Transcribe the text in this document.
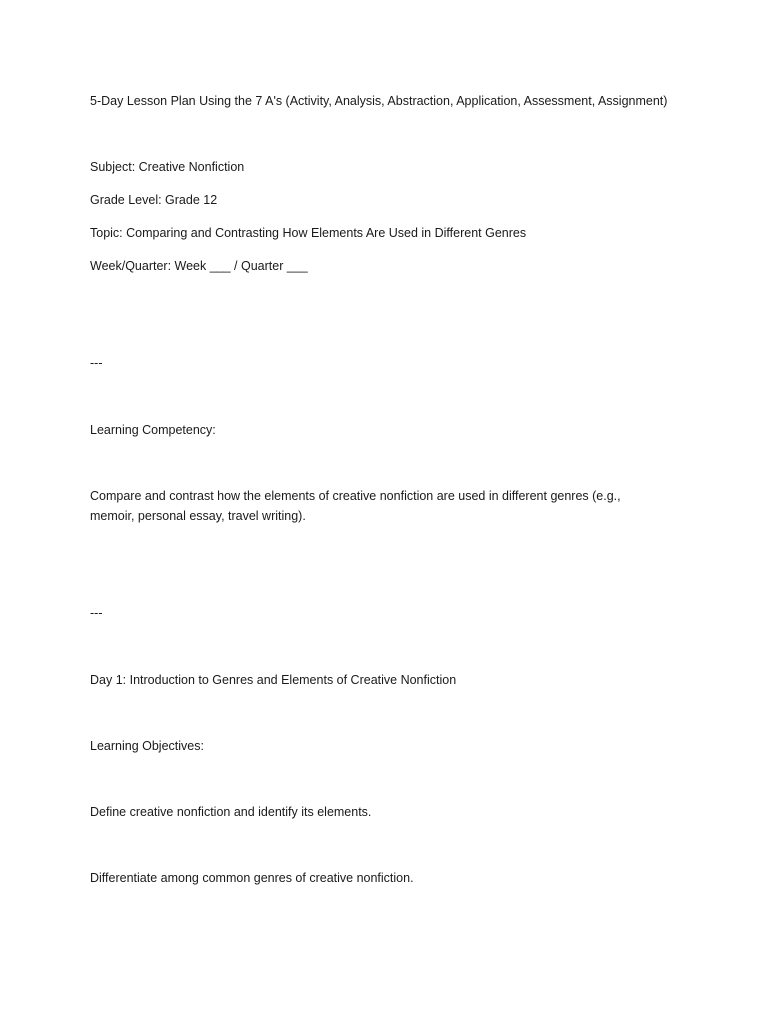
5-Day Lesson Plan Using the 7 A's (Activity, Analysis, Abstraction, Application, Assessment, Assignment)
Subject: Creative Nonfiction
Grade Level: Grade 12
Topic: Comparing and Contrasting How Elements Are Used in Different Genres
Week/Quarter: Week ___ / Quarter ___
---
Learning Competency:
Compare and contrast how the elements of creative nonfiction are used in different genres (e.g., memoir, personal essay, travel writing).
---
Day 1: Introduction to Genres and Elements of Creative Nonfiction
Learning Objectives:
Define creative nonfiction and identify its elements.
Differentiate among common genres of creative nonfiction.
